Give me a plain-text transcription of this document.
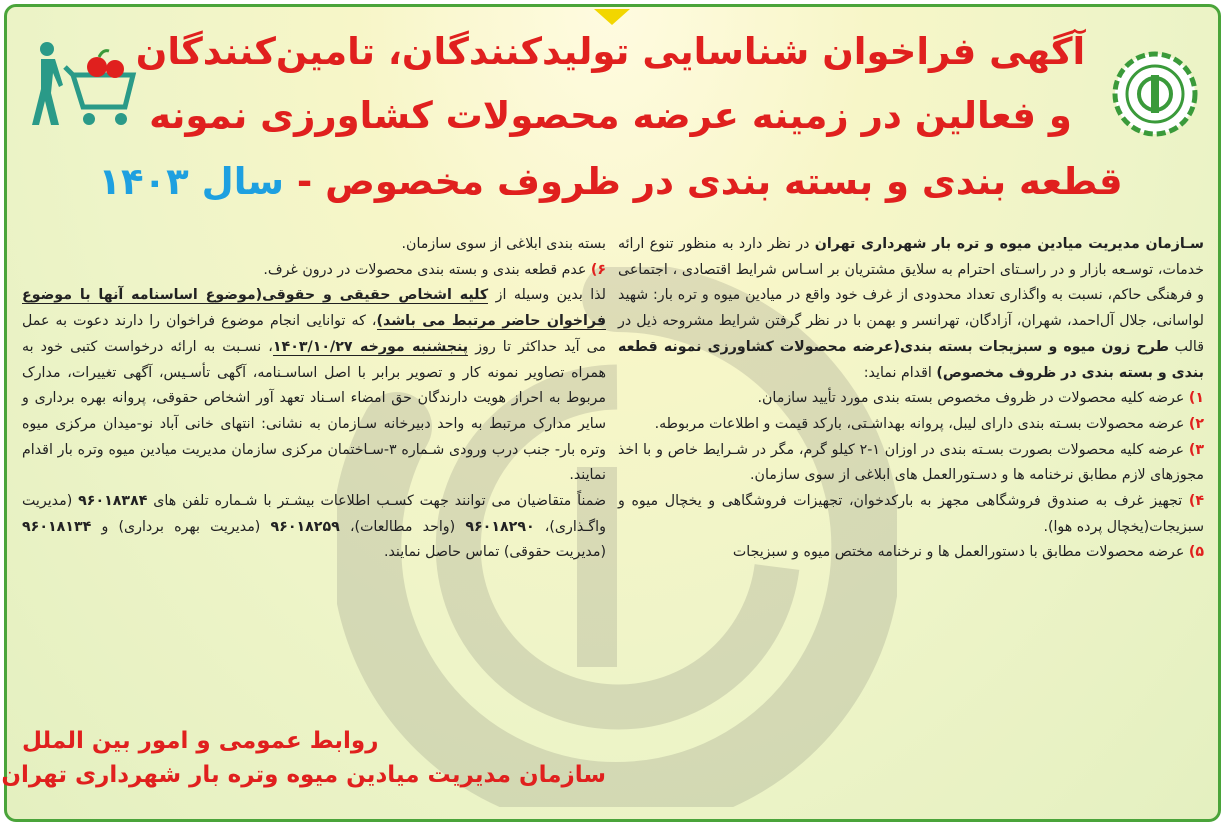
آگهی فراخوان شناسایی تولیدکنندگان، تامین‌کنندگان
و فعالین در زمینه عرضه محصولات کشاورزی نمونه
قطعه بندی و بسته بندی در ظروف مخصوص - سال ۱۴۰۳

سـازمان مدیریت میادین میوه و تره بار شهرداری تهران در نظر دارد به منظور تنوع ارائه خدمات، توسـعه بازار و در راسـتای احترام به سلایق مشتریان بر اسـاس شرایط اقتصادی ، اجتماعی و فرهنگی حاکم، نسبت به واگذاری تعداد محدودی از غرف خود واقع در میادین میوه و تره بار: شهید لواسانی، جلال آل‌احمد، شهران، آزادگان، تهرانسر و بهمن با در نظر گرفتن شرایط مشروحه ذیل در قالب طرح زون میوه و سبزیجات بسته بندی(عرضه محصولات کشاورزی نمونه قطعه بندی و بسته بندی در ظروف مخصوص) اقدام نماید:

۱) عرضه کلیه محصولات در ظروف مخصوص بسته بندی مورد تأیید سازمان.

۲) عرضه محصولات بسـته بندی دارای لیبل، پروانه بهداشـتی، بارکد قیمت و اطلاعات مربوطه.

۳) عرضه کلیه محصولات بصورت بسـته بندی در اوزان ۱-۲ کیلو گرم، مگر در شـرایط خاص و با اخذ مجوزهای لازم مطابق نرخنامه ها و دسـتورالعمل های ابلاغی از سوی سازمان.

۴) تجهیز غرف به صندوق فروشگاهی مجهز به بارکدخوان، تجهیزات فروشگاهی و یخچال میوه و سبزیجات(یخچال پرده هوا).

۵) عرضه محصولات مطابق با دستورالعمل ها و نرخنامه مختص میوه و سبزیجات

بسته بندی ابلاغی از سوی سازمان.

۶) عدم قطعه بندی و بسته بندی محصولات در درون غرف.

لذا بدین وسیله از کلیه اشخاص حقیقی و حقوقی(موضوع اساسنامه آنها با موضوع فراخوان حاضر مرتبط می باشد)، که توانایی انجام موضوع فراخوان را دارند دعوت به عمل می آید حداکثر تا روز پنجشنبه مورخه ۱۴۰۳/۱۰/۲۷، نسـبت به ارائه درخواست کتبی خود به همراه تصاویر نمونه کار و تصویر برابر با اصل اساسـنامه، آگهی تأسـیس، آگهی تغییرات، مدارک مربوط به احراز هویت دارندگان حق امضاء اسـناد تعهد آور اشخاص حقوقی، پروانه بهره برداری و سایر مدارک مرتبط به واحد دبیرخانه سـازمان به نشانی: انتهای خانی آباد نو-میدان مرکزی میوه وتره بار- جنب درب ورودی شـماره ۳-سـاختمان مرکزی سازمان مدیریت میادین میوه وتره بار اقدام نمایند.

ضمناً متقاضیان می توانند جهت کسـب اطلاعات بیشـتر با شـماره تلفن های ۹۶۰۱۸۳۸۴ (مدیریت واگـذاری)، ۹۶۰۱۸۲۹۰ (واحد مطالعات)، ۹۶۰۱۸۲۵۹ (مدیریت بهره برداری) و ۹۶۰۱۸۱۳۴ (مدیریت حقوقی) تماس حاصل نمایند.

روابط عمومی و امور بین الملل
سازمان مدیریت میادین میوه وتره بار شهرداری تهران
